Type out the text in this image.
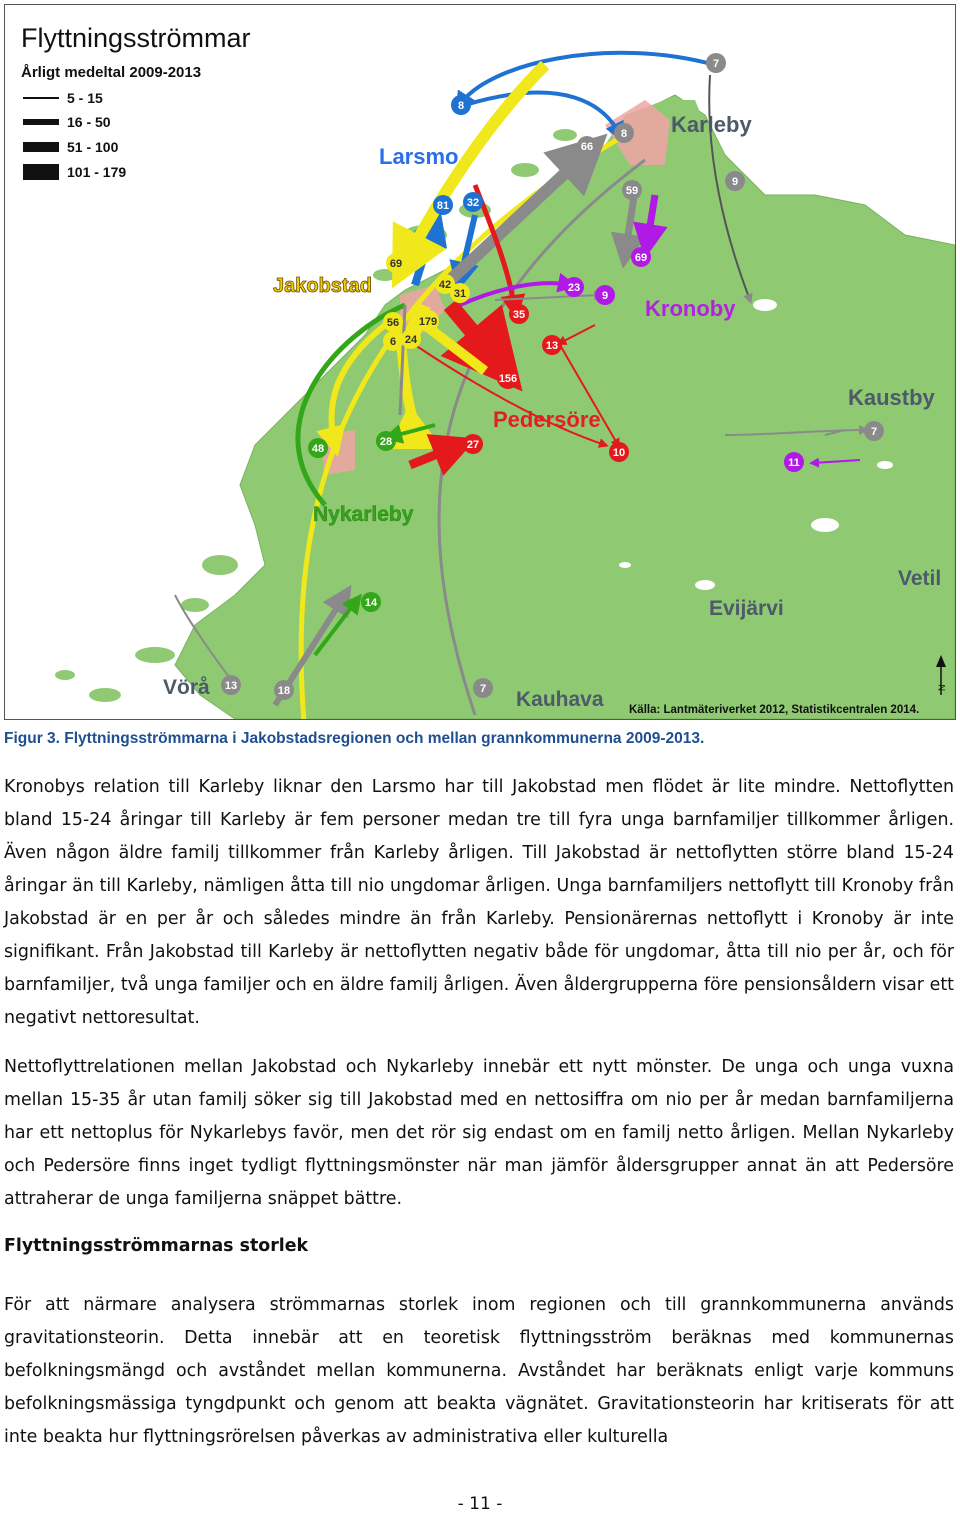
7
8
8
66
9
59
69
81 32
69
42
31	23
9
35
13
56 179
6 24
156
10
7
11
48
28	27
14
13	18	7
Karleby
Larsmo
Jakobstad
Kronoby
Pedersöre
Kaustby
Nykarleby
Vetil
Evijärvi
Vörå
Kauhava
Flyttningsströmmar
Årligt medeltal 2009-2013
5 - 15
16 - 50
51 - 100
101 - 179
N
Källa: Lantmäteriverket 2012, Statistikcentralen 2014.
Figur 3. Flyttningsströmmarna i Jakobstadsregionen och mellan grannkommunerna 2009-2013.

Kronobys relation till Karleby liknar den Larsmo har till Jakobstad men flödet är lite mindre. Nettoflytten bland 15-24 åringar till Karleby är fem personer medan tre till fyra unga barnfamiljer tillkommer årligen. Även någon äldre familj tillkommer från Karleby årligen. Till Jakobstad är nettoflytten större bland 15-24 åringar än till Karleby, nämligen åtta till nio ungdomar årligen. Unga barnfamiljers nettoflytt till Kronoby från Jakobstad är en per år och således mindre än från Karleby. Pensionärernas nettoflytt i Kronoby är inte signifikant. Från Jakobstad till Karleby är nettoflytten negativ både för ungdomar, åtta till nio per år, och för barnfamiljer, två unga familjer och en äldre familj årligen. Även åldergrupperna före pensionsåldern visar ett negativt nettoresultat.

Nettoflyttrelationen mellan Jakobstad och Nykarleby innebär ett nytt mönster. De unga och unga vuxna mellan 15-35 år utan familj söker sig till Jakobstad med en nettosiffra om nio per år medan barnfamiljerna har ett nettoplus för Nykarlebys favör, men det rör sig endast om en familj netto årligen. Mellan Nykarleby och Pedersöre finns inget tydligt flyttningsmönster när man jämför åldersgrupper annat än att Pedersöre attraherar de unga familjerna snäppet bättre.

Flyttningsströmmarnas storlek

För att närmare analysera strömmarnas storlek inom regionen och till grannkommunerna används gravitationsteorin. Detta innebär att en teoretisk flyttningsström beräknas med kommunernas befolkningsmängd och avståndet mellan kommunerna. Avståndet har beräknats enligt varje kommuns befolkningsmässiga tyngdpunkt och genom att beakta vägnätet. Gravitationsteorin har kritiserats för att inte beakta hur flyttningsrörelsen påverkas av administrativa eller kulturella

- 11 -
